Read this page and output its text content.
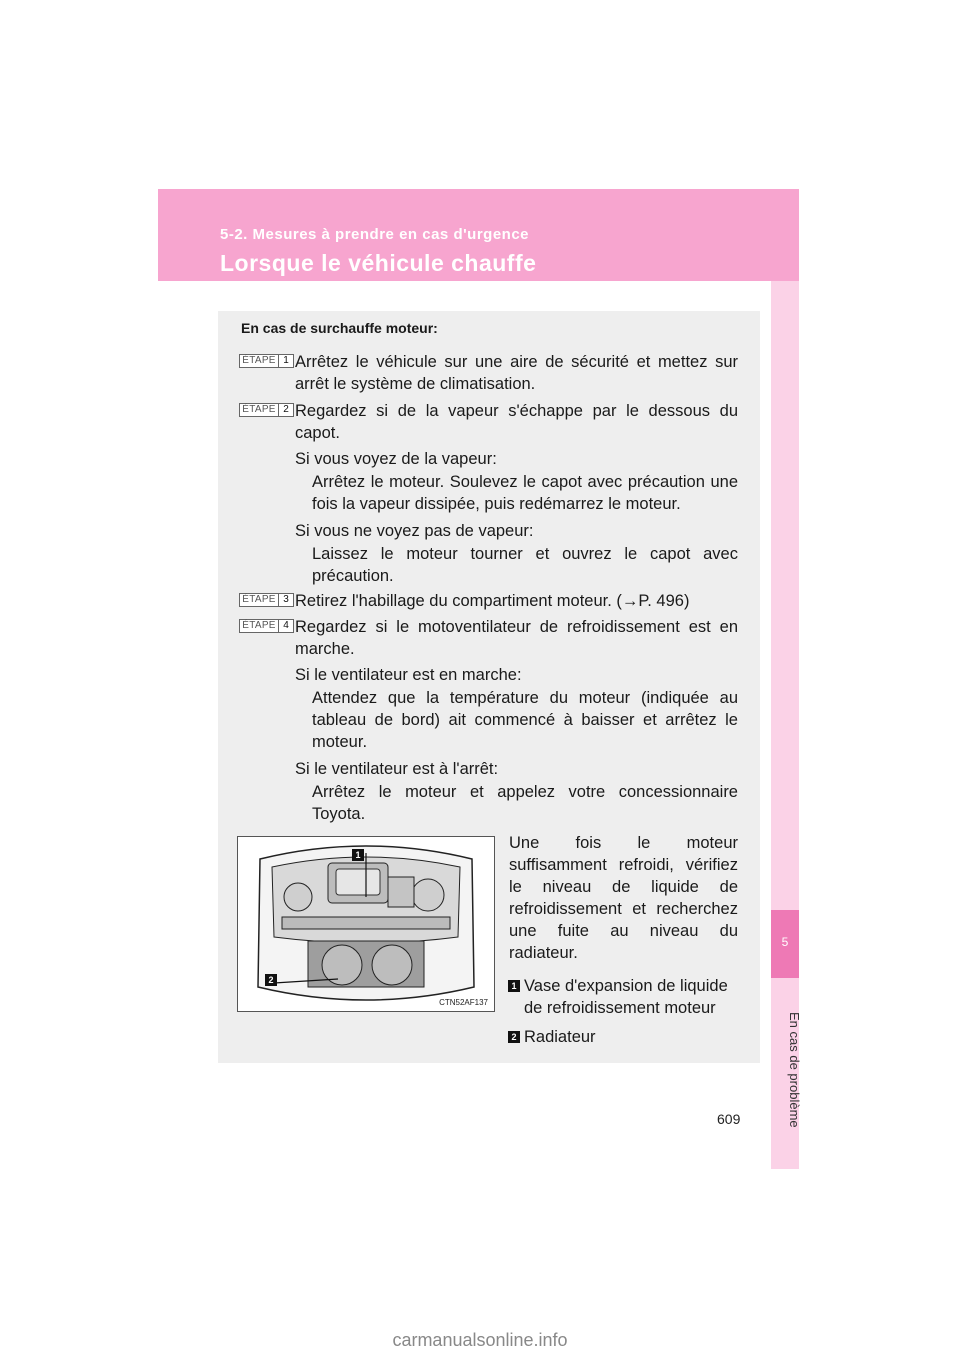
5-2. Mesures à prendre en cas d'urgence
Lorsque le véhicule chauffe
5
En cas de problème
En cas de surchauffe moteur:
ÉTAPE 1 Arrêtez le véhicule sur une aire de sécurité et mettez sur arrêt le système de climatisation.
ÉTAPE 2 Regardez si de la vapeur s'échappe par le dessous du capot.
Si vous voyez de la vapeur:
Arrêtez le moteur. Soulevez le capot avec précaution une fois la vapeur dissipée, puis redémarrez le moteur.
Si vous ne voyez pas de vapeur:
Laissez le moteur tourner et ouvrez le capot avec précaution.
ÉTAPE 3 Retirez l'habillage du compartiment moteur. (→P. 496)
ÉTAPE 4 Regardez si le motoventilateur de refroidissement est en marche.
Si le ventilateur est en marche:
Attendez que la température du moteur (indiquée au tableau de bord) ait commencé à baisser et arrêtez le moteur.
Si le ventilateur est à l'arrêt:
Arrêtez le moteur et appelez votre concessionnaire Toyota.
1
2
CTN52AF137
Une fois le moteur suffisamment refroidi, vérifiez le niveau de liquide de refroidissement et recherchez une fuite au niveau du radiateur.
1 Vase d'expansion de liquide de refroidissement moteur
2 Radiateur
609
carmanualsonline.info
